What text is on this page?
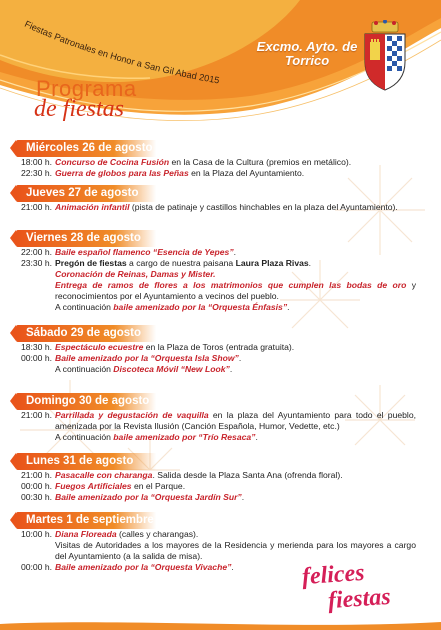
Fiestas Patronales en Honor a San Gil Abad 2015
Excmo. Ayto. de
Torrico
Programa
de fiestas
Miércoles 26 de agosto
18:00 h. Concurso de Cocina Fusión en la Casa de la Cultura (premios en metálico).
22:30 h. Guerra de globos para las Peñas en la Plaza del Ayuntamiento.
Jueves 27 de agosto
21:00 h. Animación infantil (pista de patinaje y castillos hinchables en la plaza del Ayuntamiento).
Viernes 28 de agosto
22:00 h. Baile español flamenco “Esencia de Yepes”.
23:30 h. Pregón de fiestas a cargo de nuestra paisana Laura Plaza Rivas.
Coronación de Reinas, Damas y Mister.
Entrega de ramos de flores a los matrimonios que cumplen las bodas de oro y reconocimientos por el Ayuntamiento a vecinos del pueblo.
A continuación baile amenizado por la “Orquesta Énfasis”.
Sábado 29 de agosto
18:30 h. Espectáculo ecuestre en la Plaza de Toros (entrada gratuita).
00:00 h. Baile amenizado por la “Orquesta Isla Show”.
A continuación Discoteca Móvil “New Look”.
Domingo 30 de agosto
21:00 h. Parrillada y degustación de vaquilla en la plaza del Ayuntamiento para todo el pueblo, amenizada por la Revista Ilusión (Canción Española, Humor, Vedette, etc.)
A continuación baile amenizado por “Trío Resaca”.
Lunes 31 de agosto
21:00 h. Pasacalle con charanga. Salida desde la Plaza Santa Ana (ofrenda floral).
00:00 h. Fuegos Artificiales en el Parque.
00:30 h. Baile amenizado por la “Orquesta Jardín Sur”.
Martes 1 de septiembre
10:00 h. Diana Floreada (calles y charangas).
Visitas de Autoridades a los mayores de la Residencia y merienda para los mayores a cargo del Ayuntamiento (a la salida de misa).
00:00 h. Baile amenizado por la “Orquesta Vivache”.	felices
fiestas
